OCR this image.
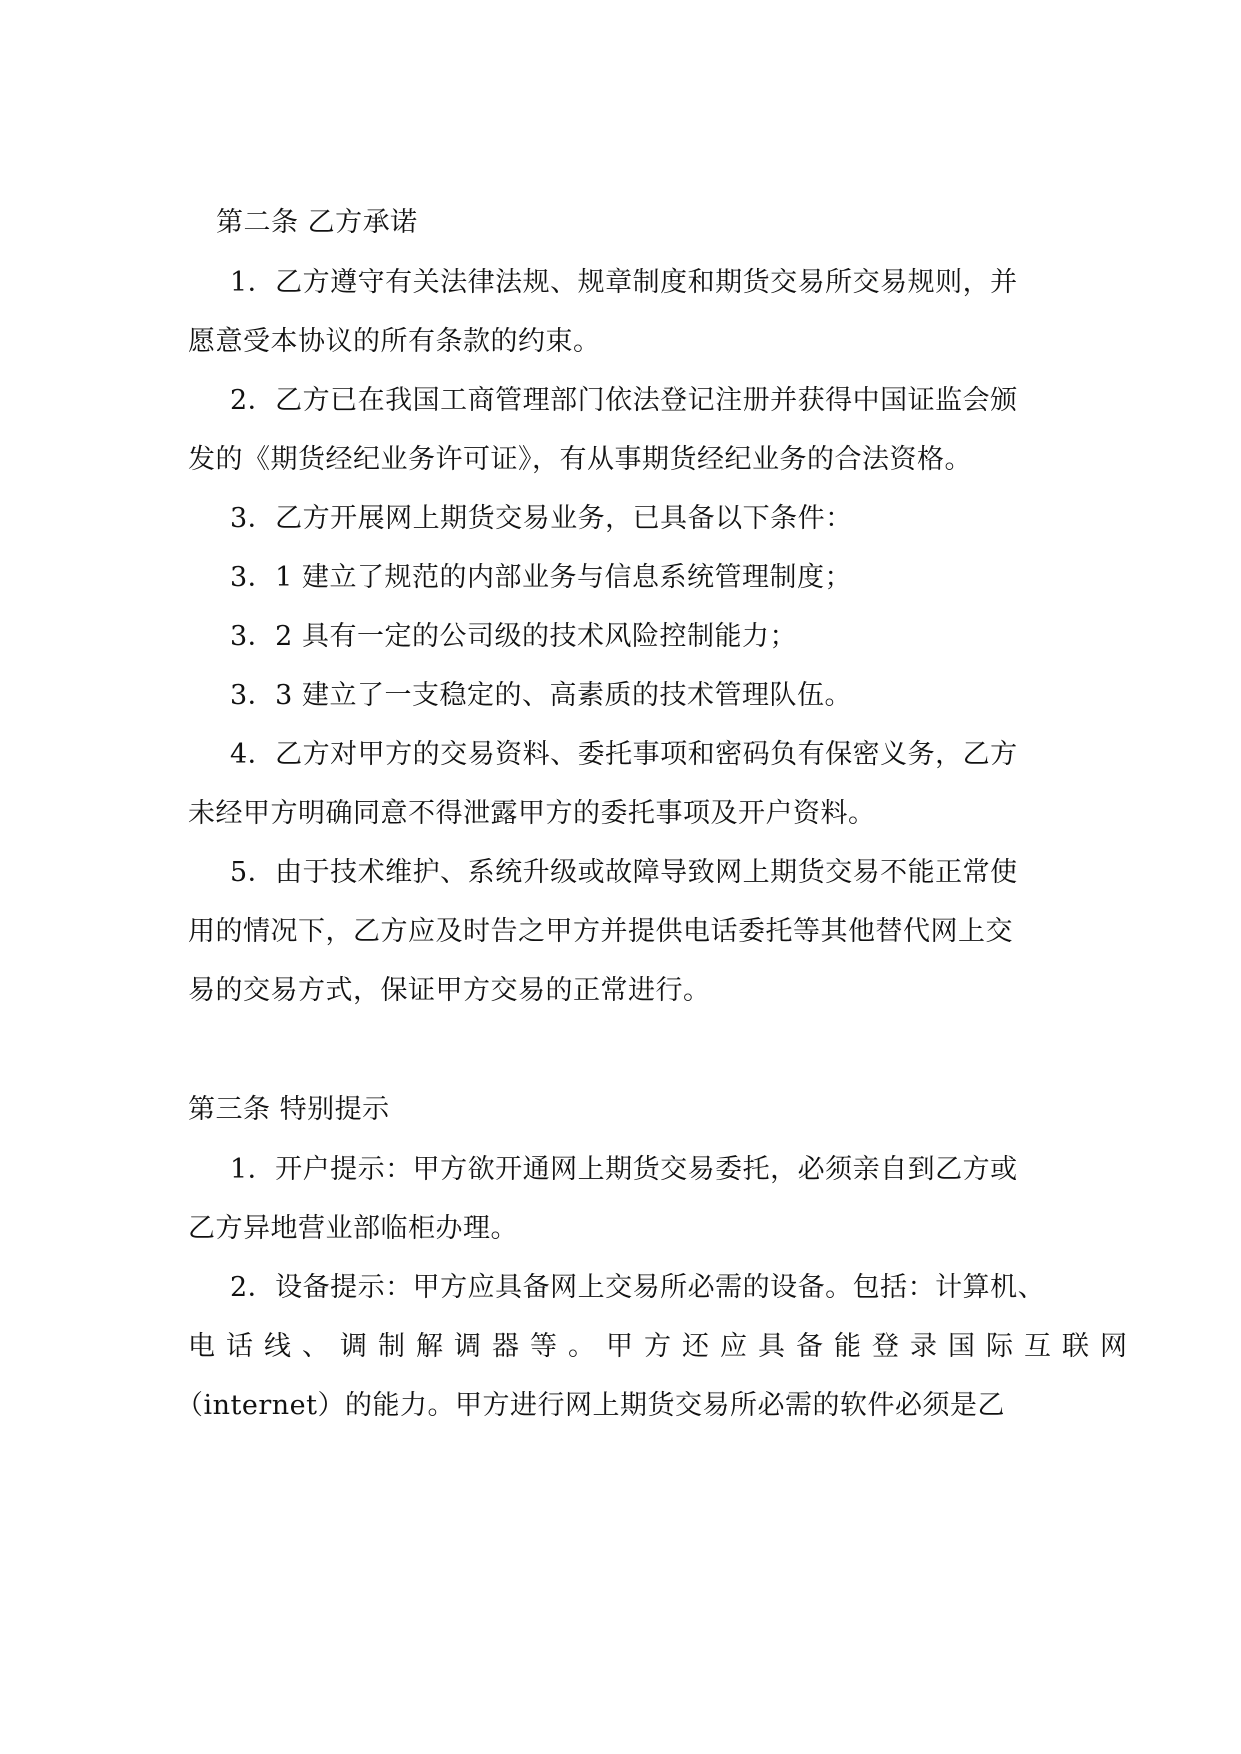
第二条 乙方承诺
1．乙方遵守有关法律法规、规章制度和期货交易所交易规则，并
愿意受本协议的所有条款的约束。
2．乙方已在我国工商管理部门依法登记注册并获得中国证监会颁
发的《期货经纪业务许可证》，有从事期货经纪业务的合法资格。
3．乙方开展网上期货交易业务，已具备以下条件：
3．1 建立了规范的内部业务与信息系统管理制度；
3．2 具有一定的公司级的技术风险控制能力；
3．3 建立了一支稳定的、高素质的技术管理队伍。
4．乙方对甲方的交易资料、委托事项和密码负有保密义务，乙方
未经甲方明确同意不得泄露甲方的委托事项及开户资料。
5．由于技术维护、系统升级或故障导致网上期货交易不能正常使
用的情况下，乙方应及时告之甲方并提供电话委托等其他替代网上交
易的交易方式，保证甲方交易的正常进行。
第三条 特别提示
1．开户提示：甲方欲开通网上期货交易委托，必须亲自到乙方或
乙方异地营业部临柜办理。
2．设备提示：甲方应具备网上交易所必需的设备。包括：计算机、
电话线、调制解调器等。甲方还应具备能登录国际互联网
（internet）的能力。甲方进行网上期货交易所必需的软件必须是乙
